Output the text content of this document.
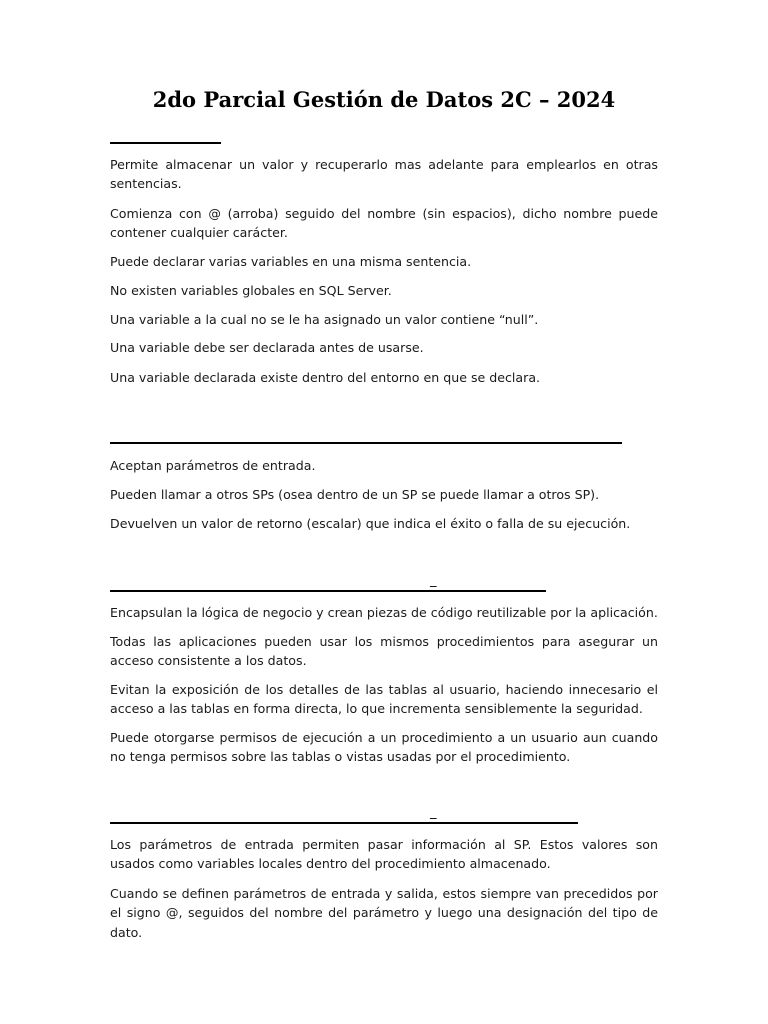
2do Parcial Gestión de Datos 2C – 2024

Permite almacenar un valor y recuperarlo mas adelante para emplearlos en otras sentencias.

Comienza con @ (arroba) seguido del nombre (sin espacios), dicho nombre puede contener cualquier carácter.

Puede declarar varias variables en una misma sentencia.

No existen variables globales en SQL Server.

Una variable a la cual no se le ha asignado un valor contiene “null”.

Una variable debe ser declarada antes de usarse.

Una variable declarada existe dentro del entorno en que se declara.

Aceptan parámetros de entrada.

Pueden llamar a otros SPs (osea dentro de un SP se puede llamar a otros SP).

Devuelven un valor de retorno (escalar) que indica el éxito o falla de su ejecución.

_

Encapsulan la lógica de negocio y crean piezas de código reutilizable por la aplicación.

Todas las aplicaciones pueden usar los mismos procedimientos para asegurar un acceso consistente a los datos.

Evitan la exposición de los detalles de las tablas al usuario, haciendo innecesario el acceso a las tablas en forma directa, lo que incrementa sensiblemente la seguridad.

Puede otorgarse permisos de ejecución a un procedimiento a un usuario aun cuando no tenga permisos sobre las tablas o vistas usadas por el procedimiento.

_

Los parámetros de entrada permiten pasar información al SP. Estos valores son usados como variables locales dentro del procedimiento almacenado.

Cuando se definen parámetros de entrada y salida, estos siempre van precedidos por el signo @, seguidos del nombre del parámetro y luego una designación del tipo de dato.
